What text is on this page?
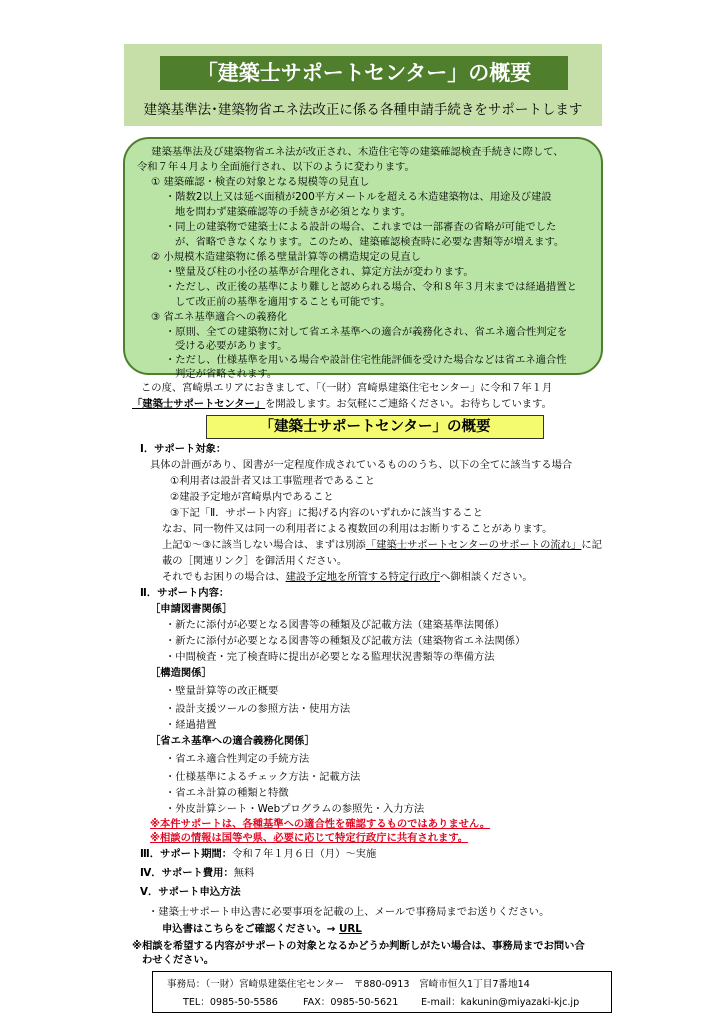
「建築士サポートセンター」の概要
建築基準法･建築物省エネ法改正に係る各種申請手続きをサポートします
　建築基準法及び建築物省エネ法が改正され、木造住宅等の建築確認検査手続きに際して、
令和７年４月より全面施行され、以下のように変わります。
① 建築確認・検査の対象となる規模等の見直し
・階数2以上又は延べ面積が200平方メートルを超える木造建築物は、用途及び建設
地を問わず建築確認等の手続きが必須となります。
・同上の建築物で建築士による設計の場合、これまでは一部審査の省略が可能でした
が、省略できなくなります。このため、建築確認検査時に必要な書類等が増えます。
② 小規模木造建築物に係る壁量計算等の構造規定の見直し
・壁量及び柱の小径の基準が合理化され、算定方法が変わります。
・ただし、改正後の基準により難しと認められる場合、令和８年３月末までは経過措置と
して改正前の基準を適用することも可能です。
③ 省エネ基準適合への義務化
・原則、全ての建築物に対して省エネ基準への適合が義務化され、省エネ適合性判定を
受ける必要があります。
・ただし、仕様基準を用いる場合や設計住宅性能評価を受けた場合などは省エネ適合性
判定が省略されます。
この度、宮崎県エリアにおきまして、「（一財）宮崎県建築住宅センター」に令和７年１月
「建築士サポートセンター」を開設します。お気軽にご連絡ください。お待ちしています。
「建築士サポートセンター」の概要
Ⅰ．サポート対象：
具体の計画があり、図書が一定程度作成されているもののうち、以下の全てに該当する場合
①利用者は設計者又は工事監理者であること
②建設予定地が宮崎県内であること
③下記「Ⅱ．サポート内容」に掲げる内容のいずれかに該当すること
なお、同一物件又は同一の利用者による複数回の利用はお断りすることがあります。
上記①～③に該当しない場合は、まずは別添「建築士サポートセンターのサポートの流れ」に記
載の［関連リンク］を御活用ください。
それでもお困りの場合は、建設予定地を所管する特定行政庁へ御相談ください。
Ⅱ．サポート内容：
［申請図書関係］
・新たに添付が必要となる図書等の種類及び記載方法（建築基準法関係）
・新たに添付が必要となる図書等の種類及び記載方法（建築物省エネ法関係）
・中間検査・完了検査時に提出が必要となる監理状況書類等の準備方法
［構造関係］
・壁量計算等の改正概要
・設計支援ツールの参照方法・使用方法
・経過措置
［省エネ基準への適合義務化関係］
・省エネ適合性判定の手続方法
・仕様基準によるチェック方法・記載方法
・省エネ計算の種類と特徴
・外皮計算シート・Webプログラムの参照先・入力方法
※本件サポートは、各種基準への適合性を確認するものではありません。
※相談の情報は国等や県、必要に応じて特定行政庁に共有されます。
Ⅲ．サポート期間：令和７年１月６日（月）～実施
Ⅳ．サポート費用：無料
Ⅴ．サポート申込方法
・建築士サポート申込書に必要事項を記載の上、メールで事務局までお送りください。
申込書はこちらをご確認ください。→ URL
※相談を希望する内容がサポートの対象となるかどうか判断しがたい場合は、事務局までお問い合
わせください。
事務局：（一財）宮崎県建築住宅センター　〒880-0913　宮崎市恒久1丁目7番地14
TEL：0985-50-5586	FAX：0985-50-5621 E-mail：kakunin@miyazaki-kjc.jp
